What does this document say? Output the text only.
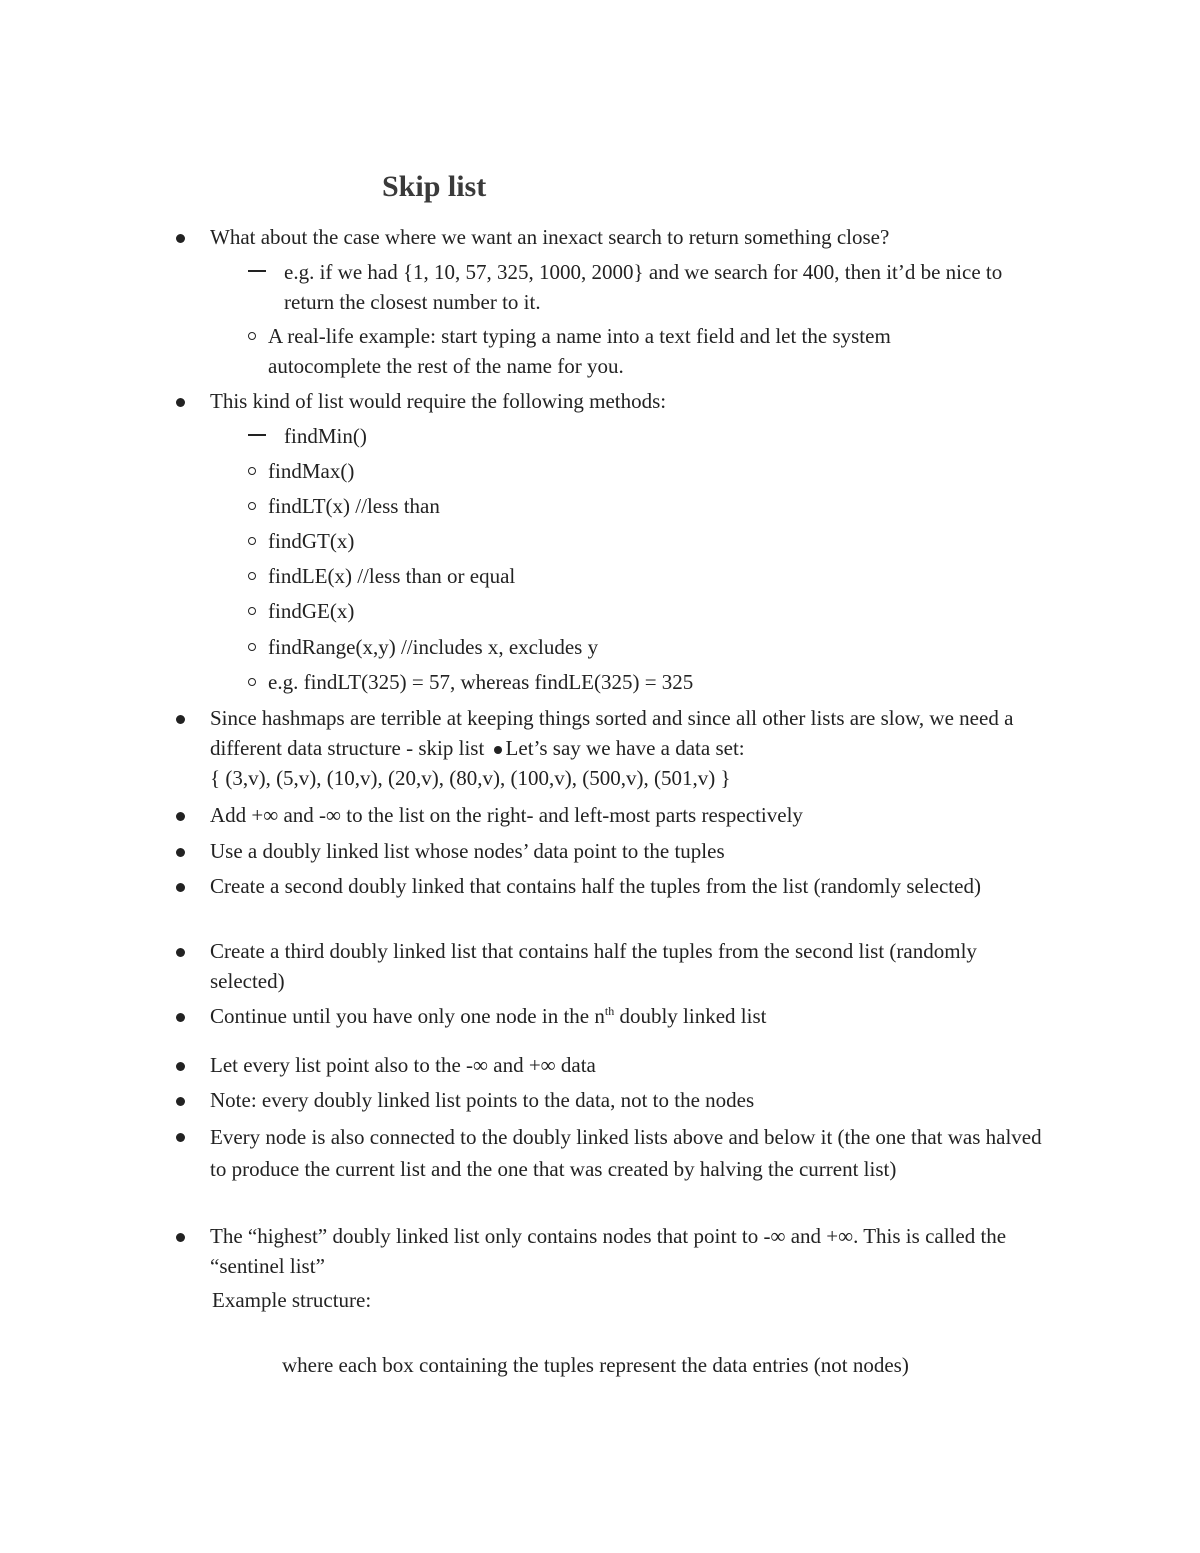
Skip list
What about the case where we want an inexact search to return something close?
e.g. if we had {1, 10, 57, 325, 1000, 2000} and we search for 400, then it’d be nice to return the closest number to it.
A real-life example: start typing a name into a text field and let the system autocomplete the rest of the name for you.
This kind of list would require the following methods:
findMin()
findMax()
findLT(x) //less than
findGT(x)
findLE(x) //less than or equal
findGE(x)
findRange(x,y) //includes x, excludes y
e.g. findLT(325) = 57, whereas findLE(325) = 325
Since hashmaps are terrible at keeping things sorted and since all other lists are slow, we need a different data structure - skip list Let’s say we have a data set:
{ (3,v), (5,v), (10,v), (20,v), (80,v), (100,v), (500,v), (501,v) }
Add +∞ and -∞ to the list on the right- and left-most parts respectively
Use a doubly linked list whose nodes’ data point to the tuples
Create a second doubly linked that contains half the tuples from the list (randomly selected)
Create a third doubly linked list that contains half the tuples from the second list (randomly selected)
Continue until you have only one node in the $n^{th}$ doubly linked list
Let every list point also to the -∞ and +∞ data
Note: every doubly linked list points to the data, not to the nodes
Every node is also connected to the doubly linked lists above and below it (the one that was halved to produce the current list and the one that was created by halving the current list)
The “highest” doubly linked list only contains nodes that point to -∞ and +∞. This is called the “sentinel list”
Example structure:
where each box containing the tuples represent the data entries (not nodes)
